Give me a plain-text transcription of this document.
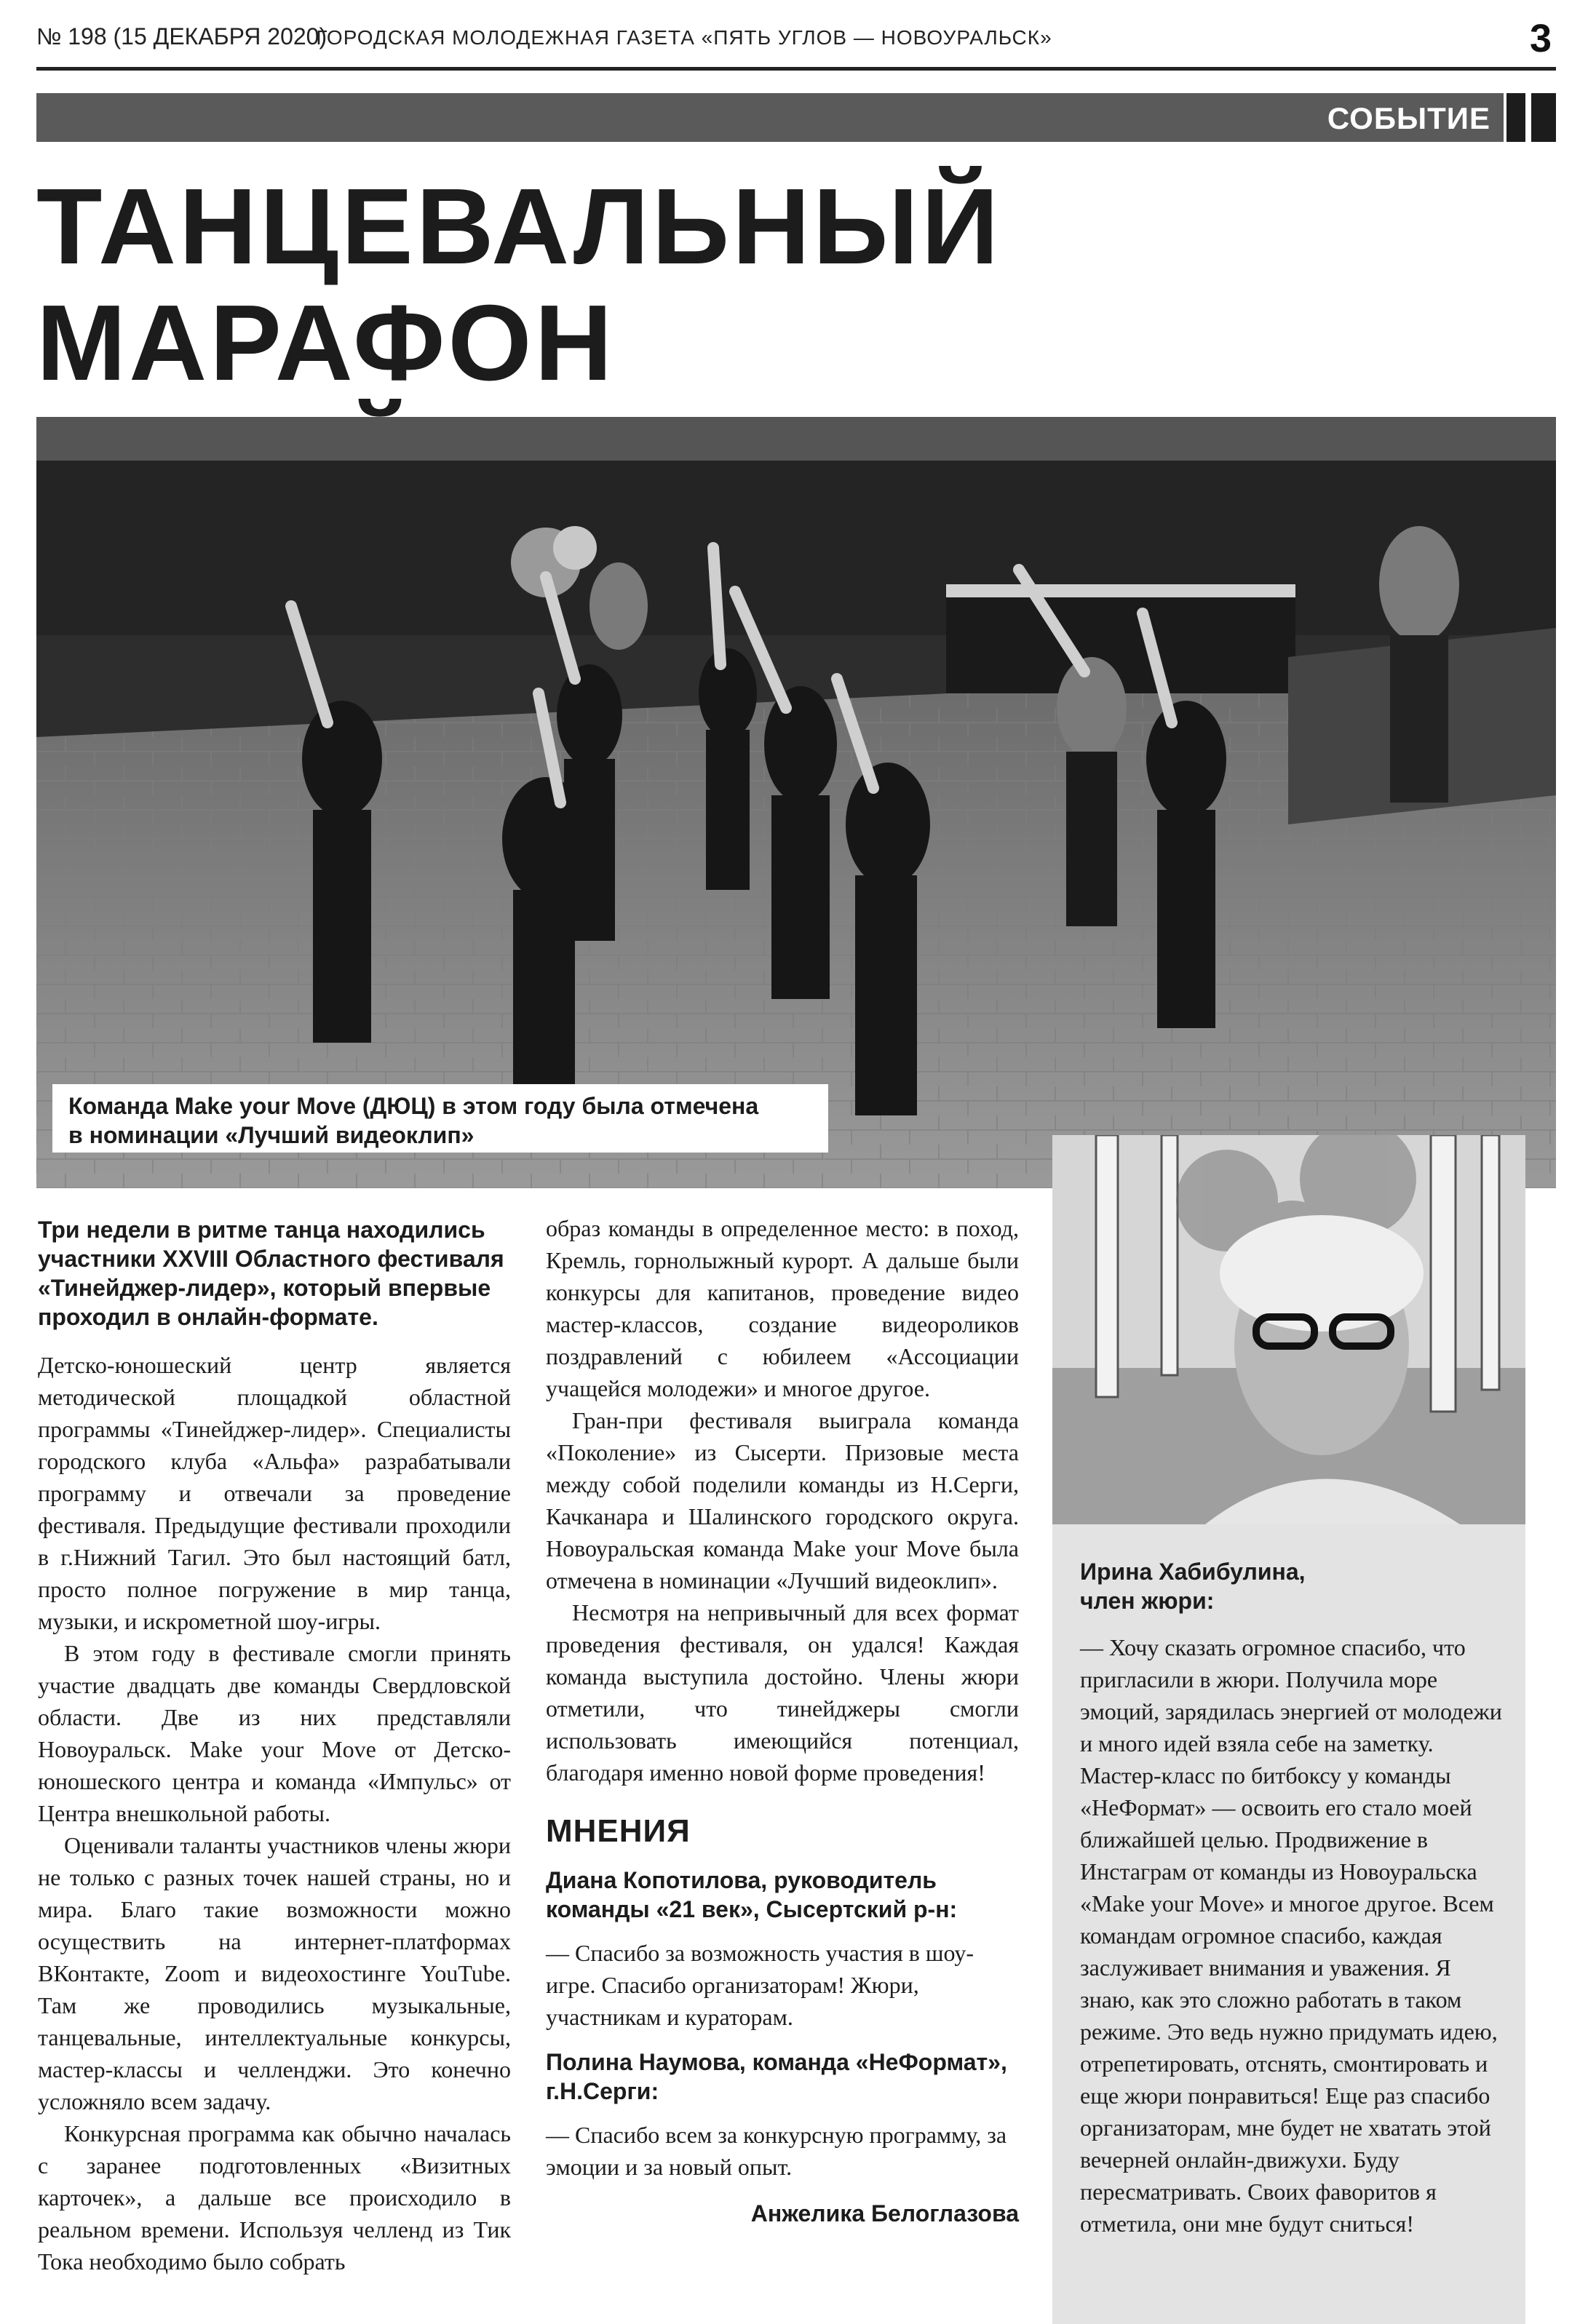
№ 198 (15 ДЕКАБРЯ 2020)
ГОРОДСКАЯ МОЛОДЕЖНАЯ ГАЗЕТА «ПЯТЬ УГЛОВ — НОВОУРАЛЬСК»	3
СОБЫТИЕ
ТАНЦЕВАЛЬНЫЙ МАРАФОН

Команда Make your Move (ДЮЦ) в этом году была отмечена
в номинации «Лучший видеоклип»
Ирина Хабибулина,
член жюри:

— Хочу сказать огромное спасибо, что пригласили в жюри. Получила море эмоций, зарядилась энергией от молодежи и много идей взяла себе на заметку. Мастер-класс по битбоксу у команды «НеФормат» — освоить его стало моей ближайшей целью. Продвижение в Инстаграм от команды из Новоуральска «Make your Move» и многое другое. Всем командам огромное спасибо, каждая заслуживает внимания и уважения. Я знаю, как это сложно работать в таком режиме. Это ведь нужно придумать идею, отрепетировать, отснять, смонтировать и еще жюри понравиться! Еще раз спасибо организаторам, мне будет не хватать этой вечерней онлайн-движухи. Буду пересматривать. Своих фаворитов я отметила, они мне будут сниться!

Три недели в ритме танца находились участники XXVIII Областного фестиваля «Тинейджер-лидер», который впервые проходил в онлайн-формате.

Детско-юношеский центр является методической площадкой областной программы «Тинейджер-лидер». Специалисты городского клуба «Альфа» разрабатывали программу и отвечали за проведение фестиваля. Предыдущие фестивали проходили в г.Нижний Тагил. Это был настоящий батл, просто полное погружение в мир танца, музыки, и искрометной шоу-игры.

В этом году в фестивале смогли принять участие двадцать две команды Свердловской области. Две из них представляли Новоуральск. Make your Move от Детско-юношеского центра и команда «Импульс» от Центра внешкольной работы.

Оценивали таланты участников члены жюри не только с разных точек нашей страны, но и мира. Благо такие возможности можно осуществить на интернет-платформах ВКонтакте, Zoom и видеохостинге YouTube. Там же проводились музыкальные, танцевальные, интеллектуальные конкурсы, мастер-классы и челленджи. Это конечно усложняло всем задачу.

Конкурсная программа как обычно началась с заранее подготовленных «Визитных карточек», а дальше все происходило в реальном времени. Используя челленд из Тик Тока необходимо было собрать

образ команды в определенное место: в поход, Кремль, горнолыжный курорт. А дальше были конкурсы для капитанов, проведение видео мастер-классов, создание видеороликов поздравлений с юбилеем «Ассоциации учащейся молодежи» и многое другое.

Гран-при фестиваля выиграла команда «Поколение» из Сысерти. Призовые места между собой поделили команды из Н.Серги, Качканара и Шалинского городского округа. Новоуральская команда Make your Move была отмечена в номинации «Лучший видеоклип».

Несмотря на непривычный для всех формат проведения фестиваля, он удался! Каждая команда выступила достойно. Члены жюри отметили, что тинейджеры смогли использовать имеющийся потенциал, благодаря именно новой форме проведения!

МНЕНИЯ

Диана Копотилова, руководитель команды «21 век», Сысертский р-н:

— Спасибо за возможность участия в шоу-игре. Спасибо организаторам! Жюри, участникам и кураторам.

Полина Наумова, команда «НеФормат», г.Н.Серги:

— Спасибо всем за конкурсную программу, за эмоции и за новый опыт.

Анжелика Белоглазова
